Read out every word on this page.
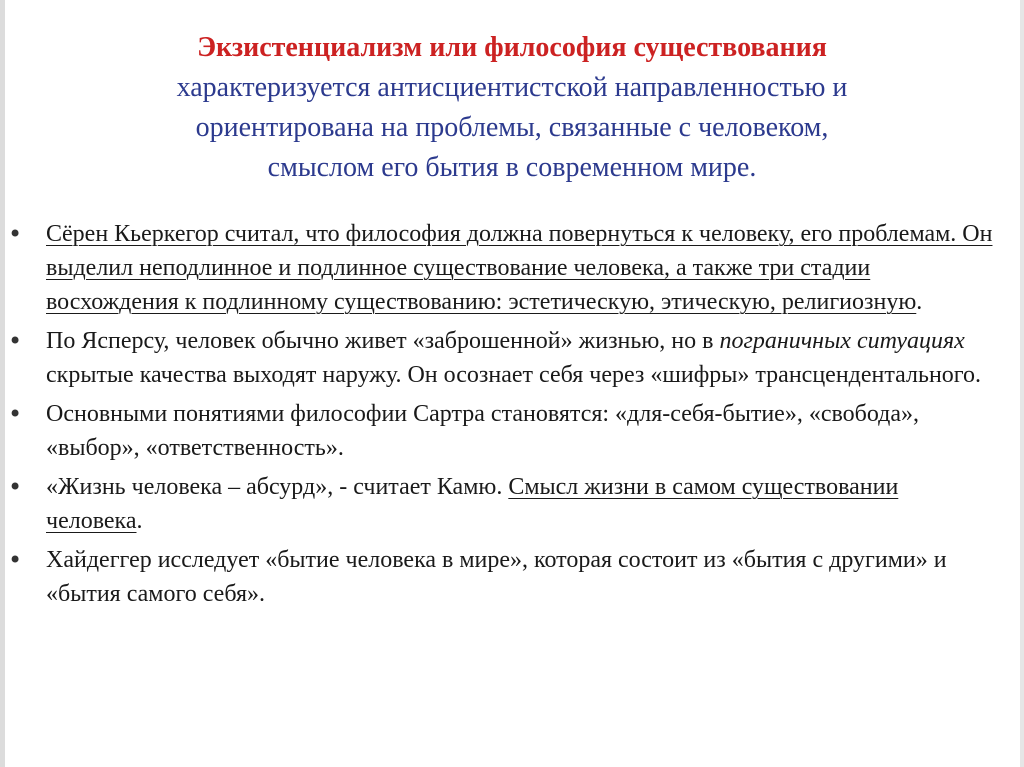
Экзистенциализм или философия существования
характеризуется антисциентистской направленностью и
ориентирована на проблемы, связанные с человеком,
смыслом его бытия в современном мире.
• Сёрен Кьеркегор считал, что философия должна повернуться к человеку, его проблемам. Он выделил неподлинное и подлинное существование человека, а также три стадии восхождения к подлинному существованию: эстетическую, этическую, религиозную.
• По Ясперсу, человек обычно живет «заброшенной» жизнью, но в пограничных ситуациях скрытые качества выходят наружу. Он осознает себя через «шифры» трансцендентального.
• Основными понятиями философии Сартра становятся: «для-себя-бытие», «свобода», «выбор», «ответственность».
• «Жизнь человека – абсурд», - считает Камю. Смысл жизни в самом существовании человека.
• Хайдеггер исследует «бытие человека в мире», которая состоит из «бытия с другими» и «бытия самого себя».
